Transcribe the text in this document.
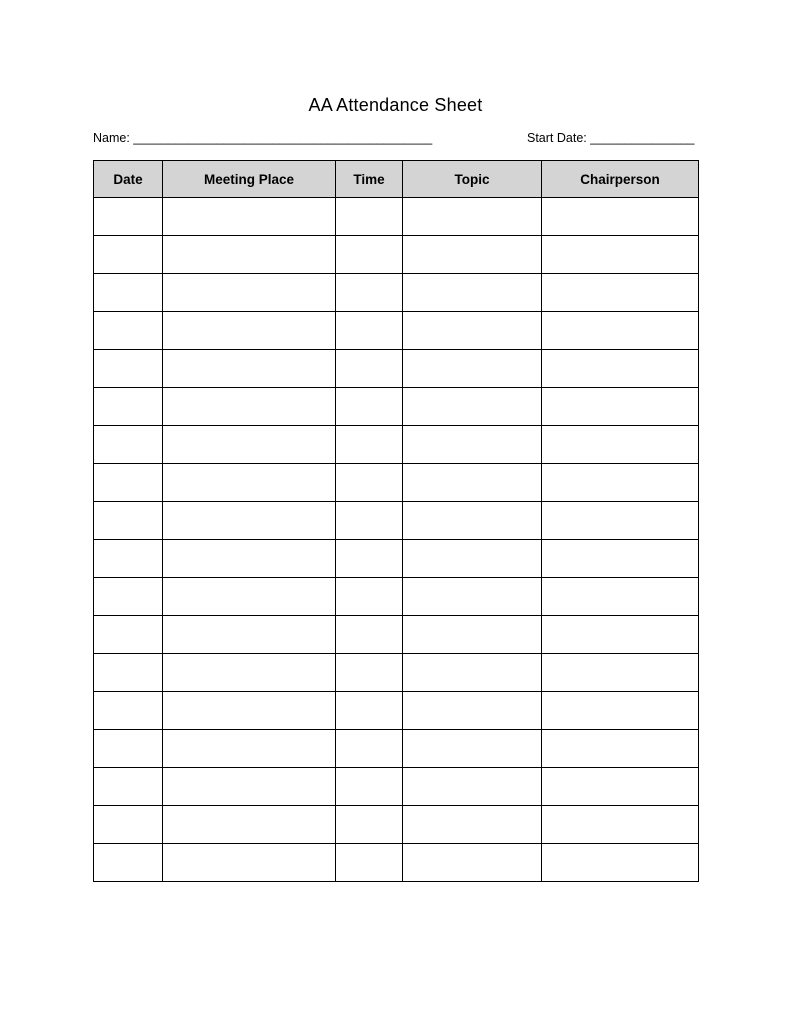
AA Attendance Sheet
Name: ___________________________________________	Start Date: _______________
Date	Meeting Place	Time	Topic	Chairperson
